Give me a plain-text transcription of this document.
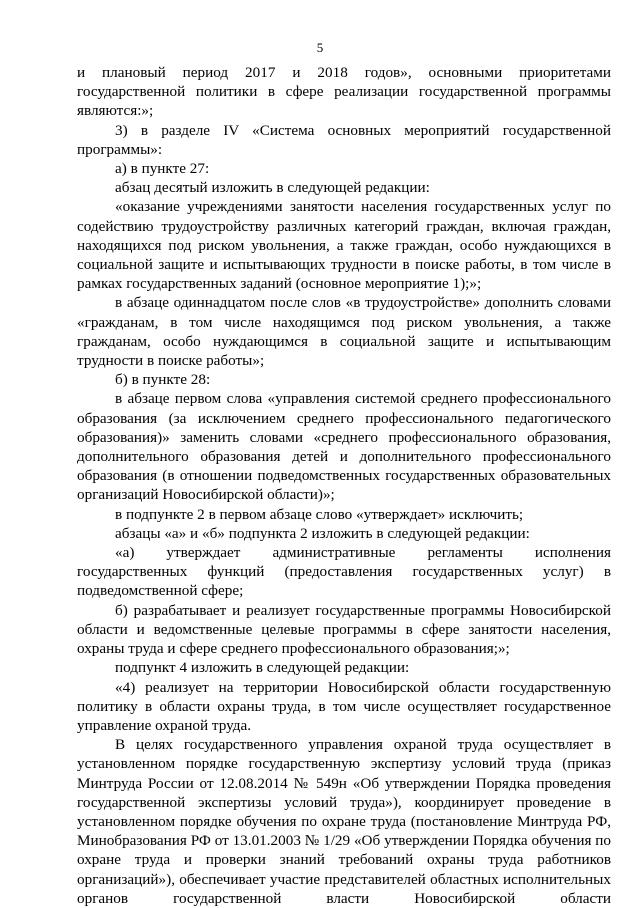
5

и плановый период 2017 и 2018 годов», основными приоритетами государственной политики в сфере реализации государственной программы являются:»;

3) в разделе IV «Система основных мероприятий государственной программы»:

а) в пункте 27:

абзац десятый изложить в следующей редакции:

«оказание учреждениями занятости населения государственных услуг по содействию трудоустройству различных категорий граждан, включая граждан, находящихся под риском увольнения, а также граждан, особо нуждающихся в социальной защите и испытывающих трудности в поиске работы, в том числе в рамках государственных заданий (основное мероприятие 1);»;

в абзаце одиннадцатом после слов «в трудоустройстве» дополнить словами «гражданам, в том числе находящимся под риском увольнения, а также гражданам, особо нуждающимся в социальной защите и испытывающим трудности в поиске работы»;

б) в пункте 28:

в абзаце первом слова «управления системой среднего профессионального образования (за исключением среднего профессионального педагогического образования)» заменить словами «среднего профессионального образования, дополнительного образования детей и дополнительного профессионального образования (в отношении подведомственных государственных образовательных организаций Новосибирской области)»;

в подпункте 2 в первом абзаце слово «утверждает» исключить;

абзацы «а» и «б» подпункта 2 изложить в следующей редакции:

«а) утверждает административные регламенты исполнения государственных функций (предоставления государственных услуг) в подведомственной сфере;

б) разрабатывает и реализует государственные программы Новосибирской области и ведомственные целевые программы в сфере занятости населения, охраны труда и сфере среднего профессионального образования;»;

подпункт 4 изложить в следующей редакции:

«4) реализует на территории Новосибирской области государственную политику в области охраны труда, в том числе осуществляет государственное управление охраной труда.

В целях государственного управления охраной труда осуществляет в установленном порядке государственную экспертизу условий труда (приказ Минтруда России от 12.08.2014 № 549н «Об утверждении Порядка проведения государственной экспертизы условий труда»), координирует проведение в установленном порядке обучения по охране труда (постановление Минтруда РФ, Минобразования РФ от 13.01.2003 № 1/29 «Об утверждении Порядка обучения по охране труда и проверки знаний требований охраны труда работников организаций»), обеспечивает участие представителей областных исполнительных органов государственной власти Новосибирской области
